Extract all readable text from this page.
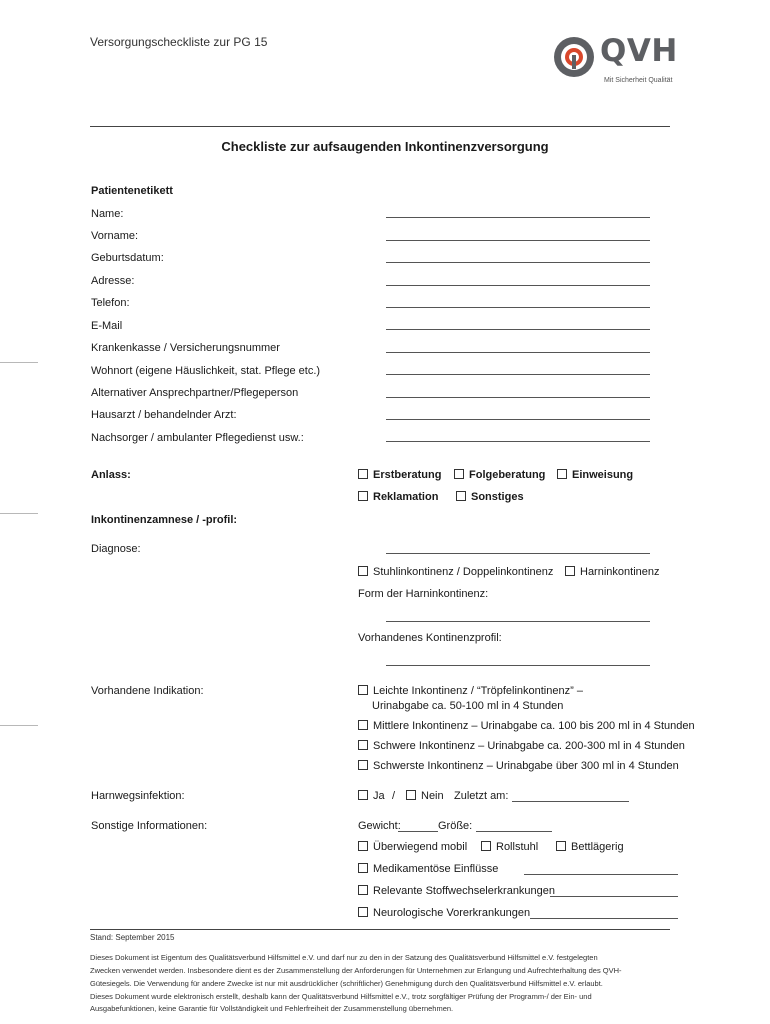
Versorgungscheckliste zur PG 15	QVH
Mit Sicherheit Qualität
Checkliste zur aufsaugenden Inkontinenzversorgung
Patientenetikett
Name:
Vorname:
Geburtsdatum:
Adresse:
Telefon:
E-Mail
Krankenkasse / Versicherungsnummer
Wohnort (eigene Häuslichkeit, stat. Pflege etc.)
Alternativer Ansprechpartner/Pflegeperson
Hausarzt / behandelnder Arzt:
Nachsorger / ambulanter Pflegedienst usw.:
Anlass:	Erstberatung	Folgeberatung	Einweisung
Reklamation	Sonstiges
Inkontinenzamnese / -profil:
Diagnose:
Stuhlinkontinenz / Doppelinkontinenz	Harninkontinenz
Form der Harninkontinenz:
Vorhandenes Kontinenzprofil:
Vorhandene Indikation:	Leichte Inkontinenz / “Tröpfelinkontinenz” –
Urinabgabe ca. 50-100 ml in 4 Stunden
Mittlere Inkontinenz – Urinabgabe ca. 100 bis 200 ml in 4 Stunden
Schwere Inkontinenz – Urinabgabe ca. 200-300 ml in 4 Stunden
Schwerste Inkontinenz – Urinabgabe über 300 ml in 4 Stunden
Harnwegsinfektion:	Ja /	Nein Zuletzt am:
Sonstige Informationen:	Gewicht:	Größe:
Überwiegend mobil	Rollstuhl	Bettlägerig
Medikamentöse Einflüsse
Relevante Stoffwechselerkrankungen
Neurologische Vorerkrankungen
Stand: September 2015
Dieses Dokument ist Eigentum des Qualitätsverbund Hilfsmittel e.V. und darf nur zu den in der Satzung des Qualitätsverbund Hilfsmittel e.V. festgelegten
Zwecken verwendet werden. Insbesondere dient es der Zusammenstellung der Anforderungen für Unternehmen zur Erlangung und Aufrechterhaltung des QVH-
Gütesiegels. Die Verwendung für andere Zwecke ist nur mit ausdrücklicher (schriftlicher) Genehmigung durch den Qualitätsverbund Hilfsmittel e.V. erlaubt.
Dieses Dokument wurde elektronisch erstellt, deshalb kann der Qualitätsverbund Hilfsmittel e.V., trotz sorgfältiger Prüfung der Programm-/ der Ein- und
Ausgabefunktionen, keine Garantie für Vollständigkeit und Fehlerfreiheit der Zusammenstellung übernehmen.
